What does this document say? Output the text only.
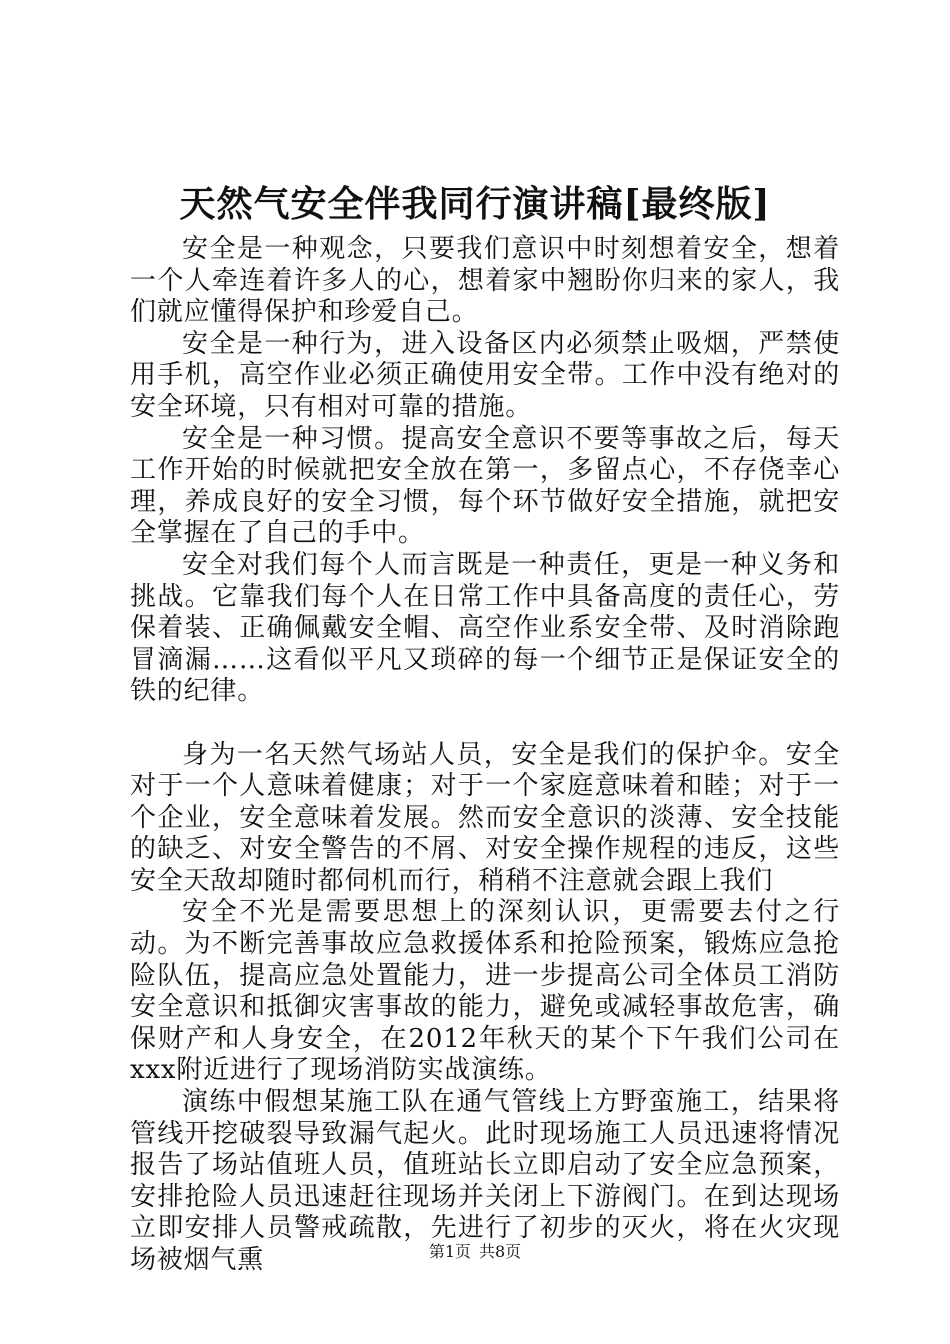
天然气安全伴我同行演讲稿[最终版]

安全是一种观念，只要我们意识中时刻想着安全，想着一个人牵连着许多人的心，想着家中翘盼你归来的家人，我们就应懂得保护和珍爱自己。

安全是一种行为，进入设备区内必须禁止吸烟，严禁使用手机，高空作业必须正确使用安全带。工作中没有绝对的安全环境，只有相对可靠的措施。

安全是一种习惯。提高安全意识不要等事故之后，每天工作开始的时候就把安全放在第一，多留点心，不存侥幸心理，养成良好的安全习惯，每个环节做好安全措施，就把安全掌握在了自己的手中。

安全对我们每个人而言既是一种责任，更是一种义务和挑战。它靠我们每个人在日常工作中具备高度的责任心，劳保着装、正确佩戴安全帽、高空作业系安全带、及时消除跑冒滴漏……这看似平凡又琐碎的每一个细节正是保证安全的铁的纪律。

身为一名天然气场站人员，安全是我们的保护伞。安全对于一个人意味着健康；对于一个家庭意味着和睦；对于一个企业，安全意味着发展。然而安全意识的淡薄、安全技能的缺乏、对安全警告的不屑、对安全操作规程的违反，这些安全天敌却随时都伺机而行，稍稍不注意就会跟上我们

安全不光是需要思想上的深刻认识，更需要去付之行动。为不断完善事故应急救援体系和抢险预案，锻炼应急抢险队伍，提高应急处置能力，进一步提高公司全体员工消防安全意识和抵御灾害事故的能力，避免或减轻事故危害，确保财产和人身安全，在2012年秋天的某个下午我们公司在xxx附近进行了现场消防实战演练。

演练中假想某施工队在通气管线上方野蛮施工，结果将管线开挖破裂导致漏气起火。此时现场施工人员迅速将情况报告了场站值班人员，值班站长立即启动了安全应急预案，安排抢险人员迅速赶往现场并关闭上下游阀门。在到达现场立即安排人员警戒疏散，先进行了初步的灭火，将在火灾现场被烟气熏	第1页 共8页
